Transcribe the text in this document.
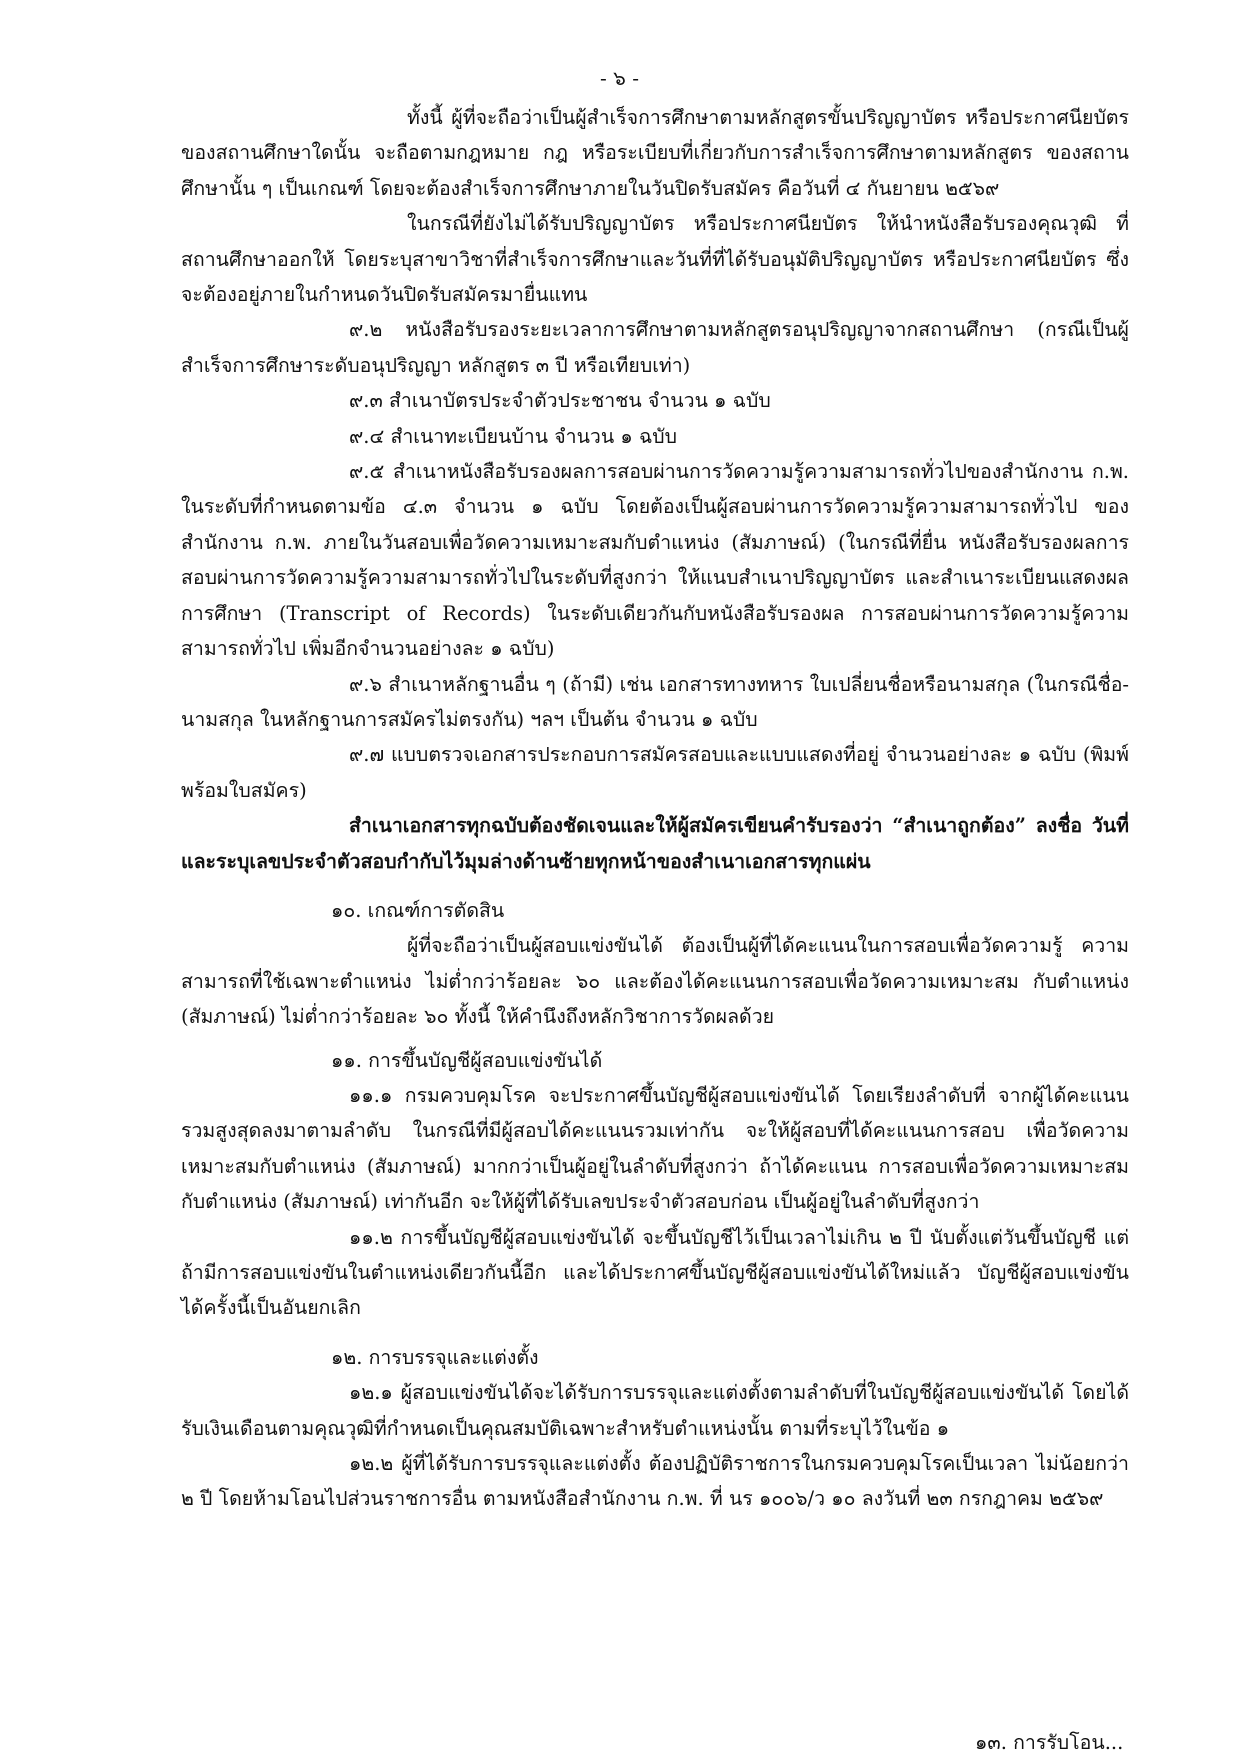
- ๖ -

ทั้งนี้ ผู้ที่จะถือว่าเป็นผู้สำเร็จการศึกษาตามหลักสูตรขั้นปริญญาบัตร หรือประกาศนียบัตร ของสถานศึกษาใดนั้น จะถือตามกฎหมาย กฎ หรือระเบียบที่เกี่ยวกับการสำเร็จการศึกษาตามหลักสูตร ของสถานศึกษานั้น ๆ เป็นเกณฑ์ โดยจะต้องสำเร็จการศึกษาภายในวันปิดรับสมัคร คือวันที่ ๔ กันยายน ๒๕๖๙

ในกรณีที่ยังไม่ได้รับปริญญาบัตร หรือประกาศนียบัตร ให้นำหนังสือรับรองคุณวุฒิ ที่สถานศึกษาออกให้ โดยระบุสาขาวิชาที่สำเร็จการศึกษาและวันที่ที่ได้รับอนุมัติปริญญาบัตร หรือประกาศนียบัตร ซึ่งจะต้องอยู่ภายในกำหนดวันปิดรับสมัครมายื่นแทน

๙.๒ หนังสือรับรองระยะเวลาการศึกษาตามหลักสูตรอนุปริญญาจากสถานศึกษา (กรณีเป็นผู้สำเร็จการศึกษาระดับอนุปริญญา หลักสูตร ๓ ปี หรือเทียบเท่า)

๙.๓ สำเนาบัตรประจำตัวประชาชน จำนวน ๑ ฉบับ

๙.๔ สำเนาทะเบียนบ้าน จำนวน ๑ ฉบับ

๙.๕ สำเนาหนังสือรับรองผลการสอบผ่านการวัดความรู้ความสามารถทั่วไปของสำนักงาน ก.พ. ในระดับที่กำหนดตามข้อ ๔.๓ จำนวน ๑ ฉบับ โดยต้องเป็นผู้สอบผ่านการวัดความรู้ความสามารถทั่วไป ของสำนักงาน ก.พ. ภายในวันสอบเพื่อวัดความเหมาะสมกับตำแหน่ง (สัมภาษณ์) (ในกรณีที่ยื่น หนังสือรับรองผลการสอบผ่านการวัดความรู้ความสามารถทั่วไปในระดับที่สูงกว่า ให้แนบสำเนาปริญญาบัตร และสำเนาระเบียนแสดงผลการศึกษา (Transcript of Records) ในระดับเดียวกันกับหนังสือรับรองผล การสอบผ่านการวัดความรู้ความสามารถทั่วไป เพิ่มอีกจำนวนอย่างละ ๑ ฉบับ)

๙.๖ สำเนาหลักฐานอื่น ๆ (ถ้ามี) เช่น เอกสารทางทหาร ใบเปลี่ยนชื่อหรือนามสกุล (ในกรณีชื่อ-นามสกุล ในหลักฐานการสมัครไม่ตรงกัน) ฯลฯ เป็นต้น จำนวน ๑ ฉบับ

๙.๗ แบบตรวจเอกสารประกอบการสมัครสอบและแบบแสดงที่อยู่ จำนวนอย่างละ ๑ ฉบับ (พิมพ์พร้อมใบสมัคร)

สำเนาเอกสารทุกฉบับต้องชัดเจนและให้ผู้สมัครเขียนคำรับรองว่า “สำเนาถูกต้อง” ลงชื่อ วันที่ และระบุเลขประจำตัวสอบกำกับไว้มุมล่างด้านซ้ายทุกหน้าของสำเนาเอกสารทุกแผ่น

๑๐. เกณฑ์การตัดสิน

ผู้ที่จะถือว่าเป็นผู้สอบแข่งขันได้ ต้องเป็นผู้ที่ได้คะแนนในการสอบเพื่อวัดความรู้ ความสามารถที่ใช้เฉพาะตำแหน่ง ไม่ต่ำกว่าร้อยละ ๖๐ และต้องได้คะแนนการสอบเพื่อวัดความเหมาะสม กับตำแหน่ง (สัมภาษณ์) ไม่ต่ำกว่าร้อยละ ๖๐ ทั้งนี้ ให้คำนึงถึงหลักวิชาการวัดผลด้วย

๑๑. การขึ้นบัญชีผู้สอบแข่งขันได้

๑๑.๑ กรมควบคุมโรค จะประกาศขึ้นบัญชีผู้สอบแข่งขันได้ โดยเรียงลำดับที่ จากผู้ได้คะแนนรวมสูงสุดลงมาตามลำดับ ในกรณีที่มีผู้สอบได้คะแนนรวมเท่ากัน จะให้ผู้สอบที่ได้คะแนนการสอบ เพื่อวัดความเหมาะสมกับตำแหน่ง (สัมภาษณ์) มากกว่าเป็นผู้อยู่ในลำดับที่สูงกว่า ถ้าได้คะแนน การสอบเพื่อวัดความเหมาะสมกับตำแหน่ง (สัมภาษณ์) เท่ากันอีก จะให้ผู้ที่ได้รับเลขประจำตัวสอบก่อน เป็นผู้อยู่ในลำดับที่สูงกว่า

๑๑.๒ การขึ้นบัญชีผู้สอบแข่งขันได้ จะขึ้นบัญชีไว้เป็นเวลาไม่เกิน ๒ ปี นับตั้งแต่วันขึ้นบัญชี แต่ถ้ามีการสอบแข่งขันในตำแหน่งเดียวกันนี้อีก และได้ประกาศขึ้นบัญชีผู้สอบแข่งขันได้ใหม่แล้ว บัญชีผู้สอบแข่งขันได้ครั้งนี้เป็นอันยกเลิก

๑๒. การบรรจุและแต่งตั้ง

๑๒.๑ ผู้สอบแข่งขันได้จะได้รับการบรรจุและแต่งตั้งตามลำดับที่ในบัญชีผู้สอบแข่งขันได้ โดยได้รับเงินเดือนตามคุณวุฒิที่กำหนดเป็นคุณสมบัติเฉพาะสำหรับตำแหน่งนั้น ตามที่ระบุไว้ในข้อ ๑

๑๒.๒ ผู้ที่ได้รับการบรรจุและแต่งตั้ง ต้องปฏิบัติราชการในกรมควบคุมโรคเป็นเวลา ไม่น้อยกว่า ๒ ปี โดยห้ามโอนไปส่วนราชการอื่น ตามหนังสือสำนักงาน ก.พ. ที่ นร ๑๐๐๖/ว ๑๐ ลงวันที่ ๒๓ กรกฎาคม ๒๕๖๙

๑๓. การรับโอน...
